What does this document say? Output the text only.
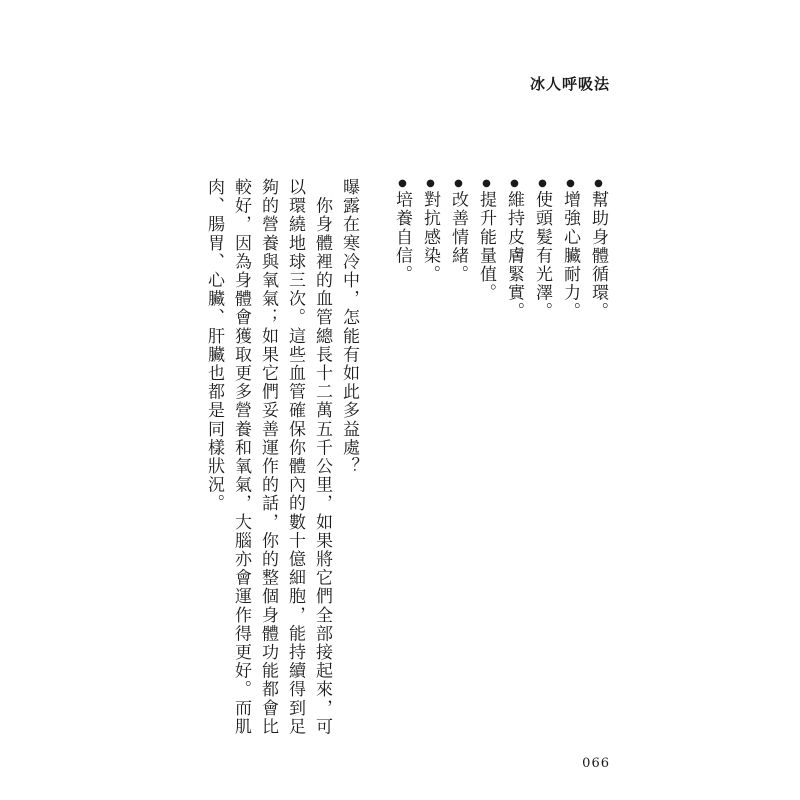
冰人呼吸法
●幫助身體循環。
●增強心臟耐力。
●使頭髮有光澤。
●維持皮膚緊實。
●提升能量值。
●改善情緒。
●對抗感染。
●培養自信。

曝露在寒冷中，怎能有如此多益處？

你身體裡的血管總長十二萬五千公里，如果將它們全部接起來，可以環繞地球三次。這些血管確保你體內的數十億細胞，能持續得到足夠的營養與氧氣；如果它們妥善運作的話，你的整個身體功能都會比較好，因為身體會獲取更多營養和氧氣，大腦亦會運作得更好。而肌肉、腸胃、心臟、肝臟也都是同樣狀況。

066
